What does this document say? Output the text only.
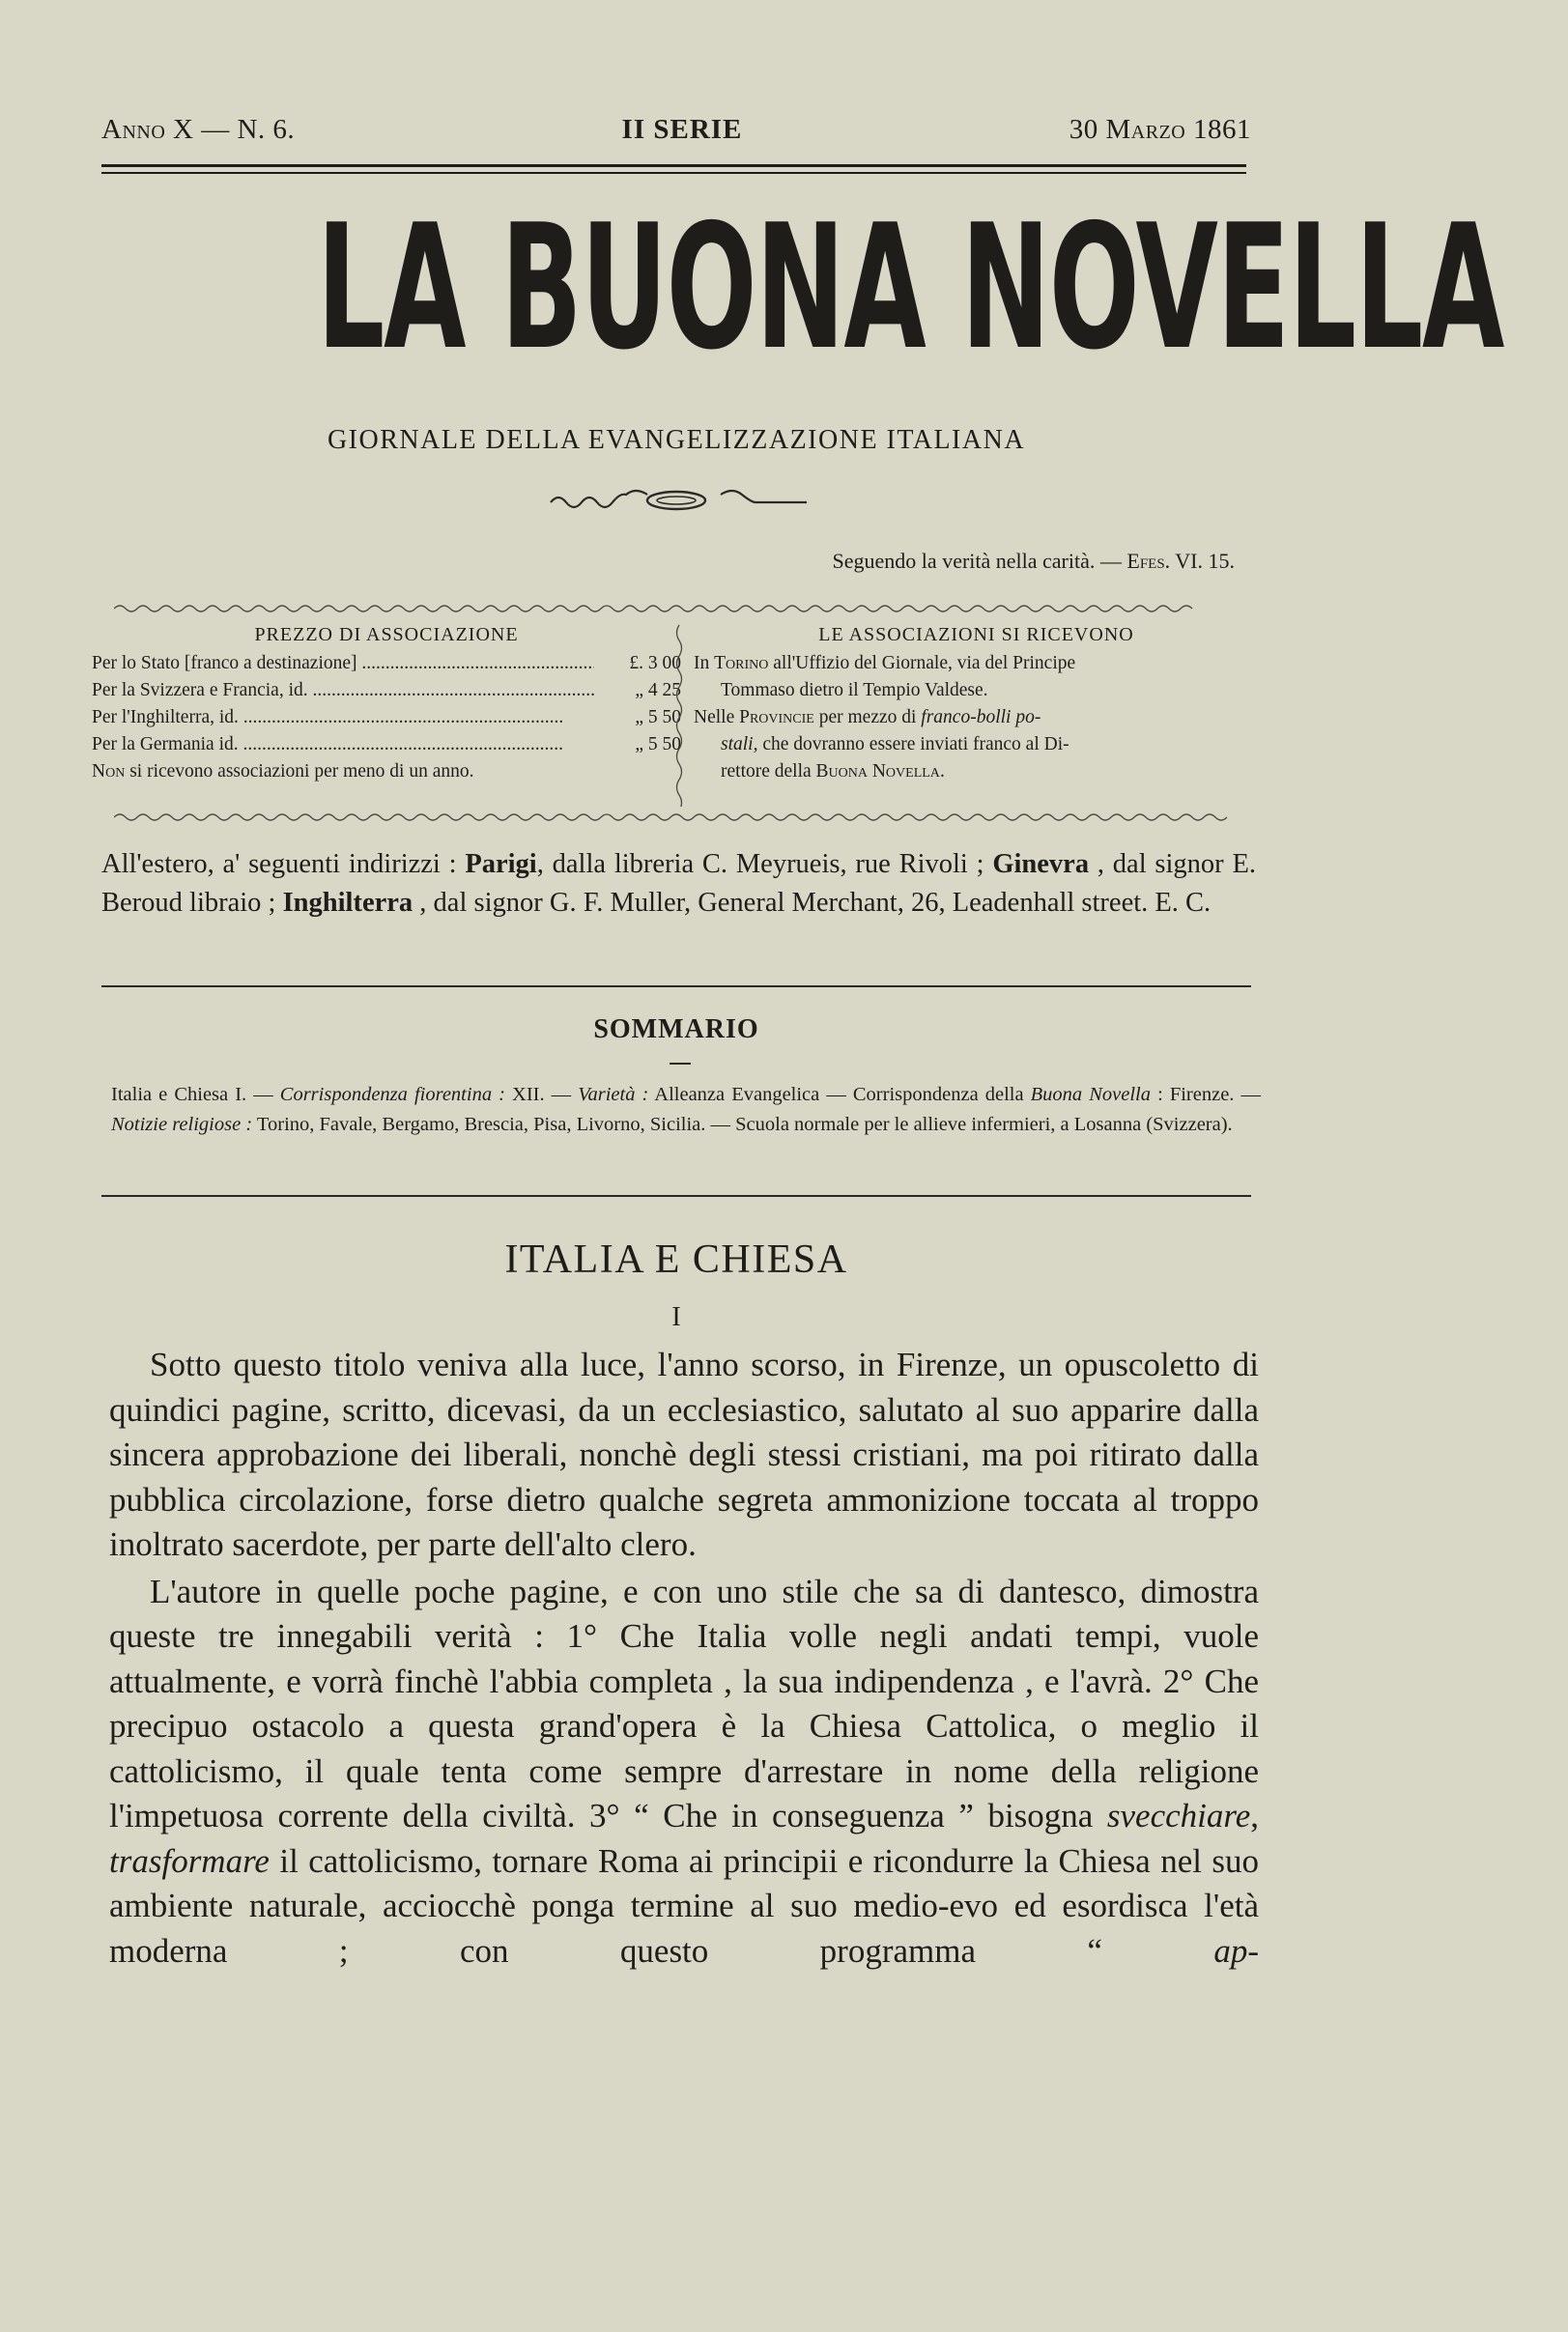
Anno X — N. 6.	II SERIE	30 Marzo 1861
LA BUONA NOVELLA
GIORNALE DELLA EVANGELIZZAZIONE ITALIANA
Seguendo la verità nella carità. — Efes. VI. 15.
PREZZO DI ASSOCIAZIONE
Per lo Stato [franco a destinazione] .....	£. 3 00
Per la Svizzera e Francia, id. .....	„ 4 25
Per l'Inghilterra, id. .....	„ 5 50
Per la Germania id. .....	„ 5 50
Non si ricevono associazioni per meno di un anno.
LE ASSOCIAZIONI SI RICEVONO
In Torino all'Uffizio del Giornale, via del Principe
Tommaso dietro il Tempio Valdese.
Nelle Provincie per mezzo di franco-bolli po-
stali, che dovranno essere inviati franco al Di-
rettore della Buona Novella.
All'estero, a' seguenti indirizzi : Parigi, dalla libreria C. Meyrueis, rue Rivoli ; Ginevra , dal signor E. Beroud libraio ; Inghilterra , dal signor G. F. Muller, General Merchant, 26, Leadenhall street. E. C.
SOMMARIO
Italia e Chiesa I. — Corrispondenza fiorentina : XII. — Varietà : Alleanza Evangelica — Corrispondenza della Buona Novella : Firenze. — Notizie religiose : Torino, Favale, Bergamo, Brescia, Pisa, Livorno, Sicilia. — Scuola normale per le allieve infermieri, a Losanna (Svizzera).
ITALIA E CHIESA
I

Sotto questo titolo veniva alla luce, l'anno scorso, in Firenze, un opuscoletto di quindici pagine, scritto, dicevasi, da un ecclesiastico, salutato al suo apparire dalla sincera approbazione dei liberali, nonchè degli stessi cristiani, ma poi ritirato dalla pubblica circolazione, forse dietro qualche segreta ammonizione toccata al troppo inoltrato sacerdote, per parte dell'alto clero.

L'autore in quelle poche pagine, e con uno stile che sa di dantesco, dimostra queste tre innegabili verità : 1° Che Italia volle negli andati tempi, vuole attualmente, e vorrà finchè l'abbia completa , la sua indipendenza , e l'avrà. 2° Che precipuo ostacolo a questa grand'opera è la Chiesa Cattolica, o meglio il cattolicismo, il quale tenta come sempre d'arrestare in nome della religione l'impetuosa corrente della civiltà. 3° “ Che in conseguenza ” bisogna svecchiare, trasformare il cattolicismo, tornare Roma ai principii e ricondurre la Chiesa nel suo ambiente naturale, acciocchè ponga termine al suo medio-evo ed esordisca l'età moderna ; con questo programma “ ap-
